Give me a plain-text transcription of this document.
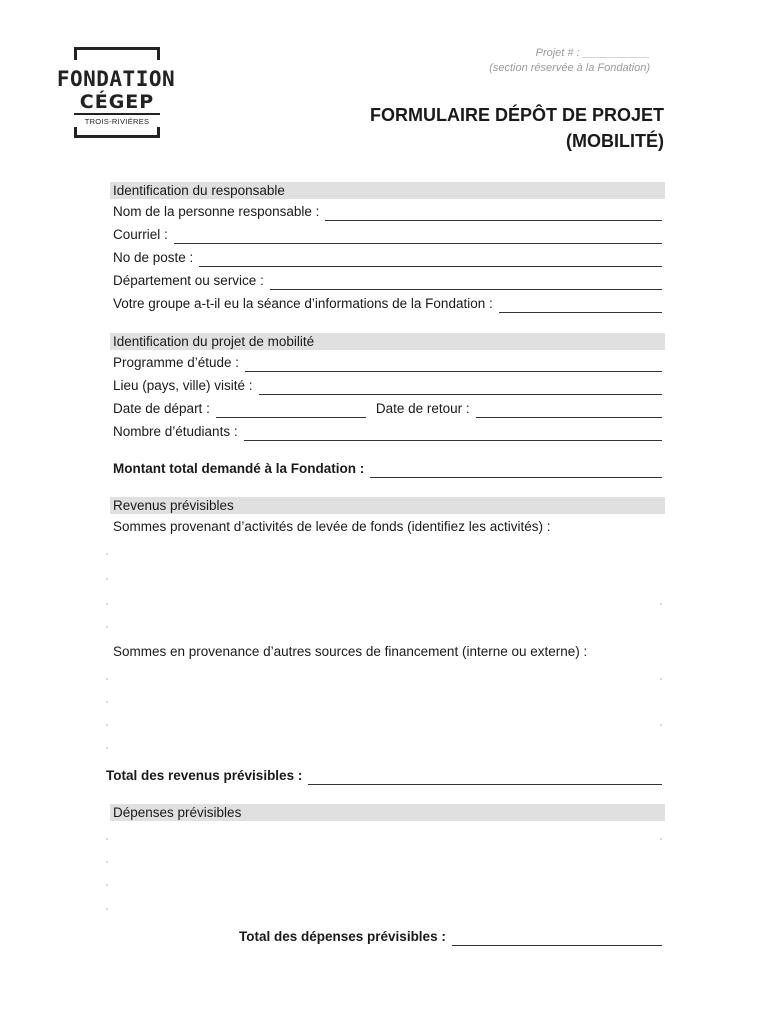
FONDATION
CÉGEP
TROIS-RIVIÈRES
Projet # : ___________
(section réservée à la Fondation)
FORMULAIRE DÉPÔT DE PROJET
(MOBILITÉ)
Identification du responsable
Nom de la personne responsable :
Courriel :
No de poste :
Département ou service :
Votre groupe a-t-il eu la séance d’informations de la Fondation :
Identification du projet de mobilité
Programme d’étude :
Lieu (pays, ville) visité :
Date de départ :	Date de retour :
Nombre d’étudiants :
Montant total demandé à la Fondation :
Revenus prévisibles
Sommes provenant d’activités de levée de fonds (identifiez les activités) :
Sommes en provenance d’autres sources de financement (interne ou externe) :
Total des revenus prévisibles :
Dépenses prévisibles
Total des dépenses prévisibles :
